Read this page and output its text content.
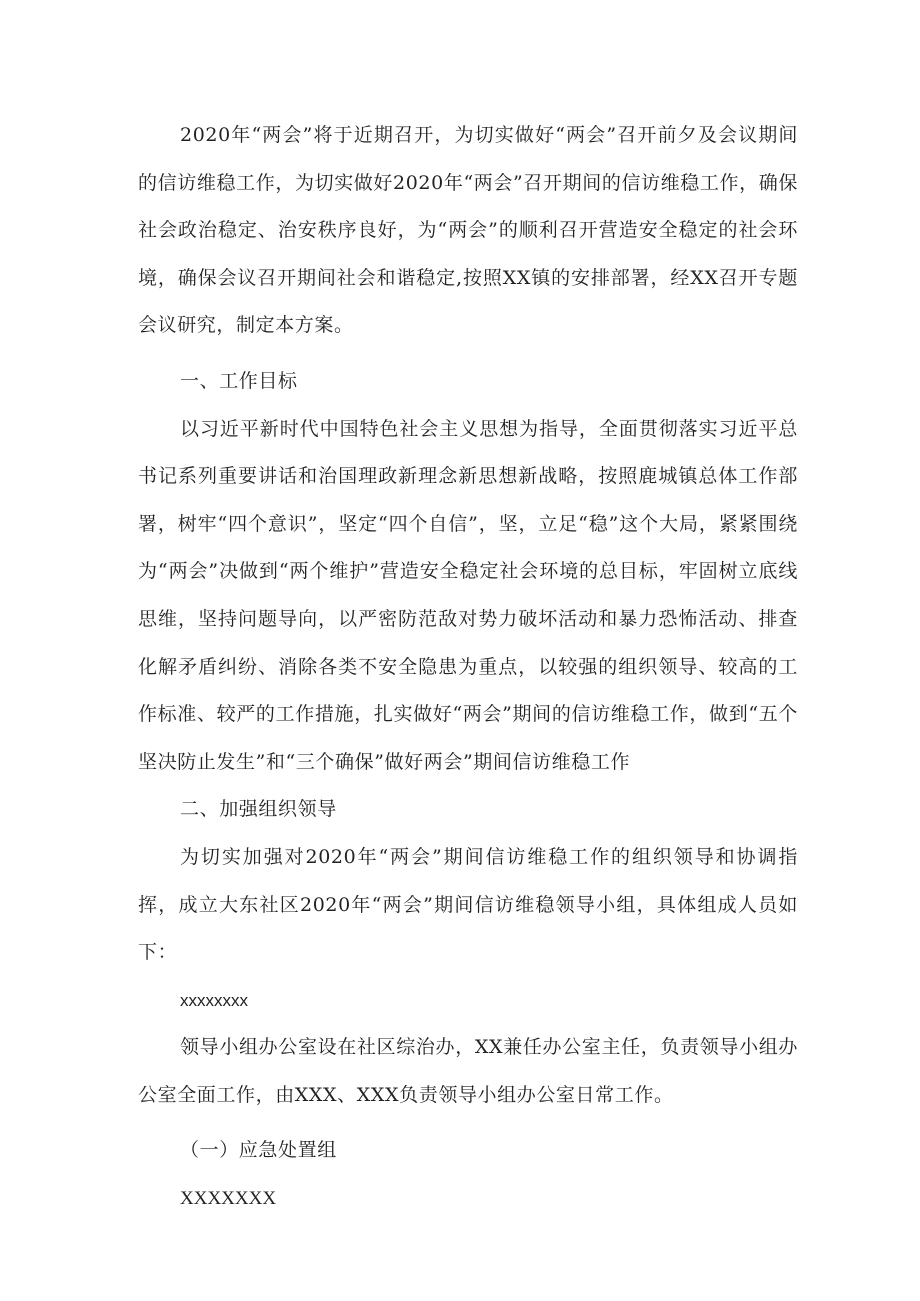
2020年“两会”将于近期召开，为切实做好“两会”召开前夕及会议期间的信访维稳工作，为切实做好2020年“两会”召开期间的信访维稳工作，确保社会政治稳定、治安秩序良好，为“两会”的顺利召开营造安全稳定的社会环境，确保会议召开期间社会和谐稳定,按照XX镇的安排部署，经XX召开专题会议研究，制定本方案。

一、工作目标

以习近平新时代中国特色社会主义思想为指导，全面贯彻落实习近平总书记系列重要讲话和治国理政新理念新思想新战略，按照鹿城镇总体工作部署，树牢“四个意识”，坚定“四个自信”，坚，立足“稳”这个大局，紧紧围绕为“两会”决做到“两个维护”营造安全稳定社会环境的总目标，牢固树立底线思维，坚持问题导向，以严密防范敌对势力破坏活动和暴力恐怖活动、排查化解矛盾纠纷、消除各类不安全隐患为重点，以较强的组织领导、较高的工作标准、较严的工作措施，扎实做好“两会”期间的信访维稳工作，做到“五个坚决防止发生”和“三个确保”做好两会”期间信访维稳工作

二、加强组织领导

为切实加强对2020年“两会”期间信访维稳工作的组织领导和协调指挥，成立大东社区2020年“两会”期间信访维稳领导小组，具体组成人员如下：

xxxxxxxx

领导小组办公室设在社区综治办，XX兼任办公室主任，负责领导小组办公室全面工作，由XXX、XXX负责领导小组办公室日常工作。

（一）应急处置组

XXXXXXX
